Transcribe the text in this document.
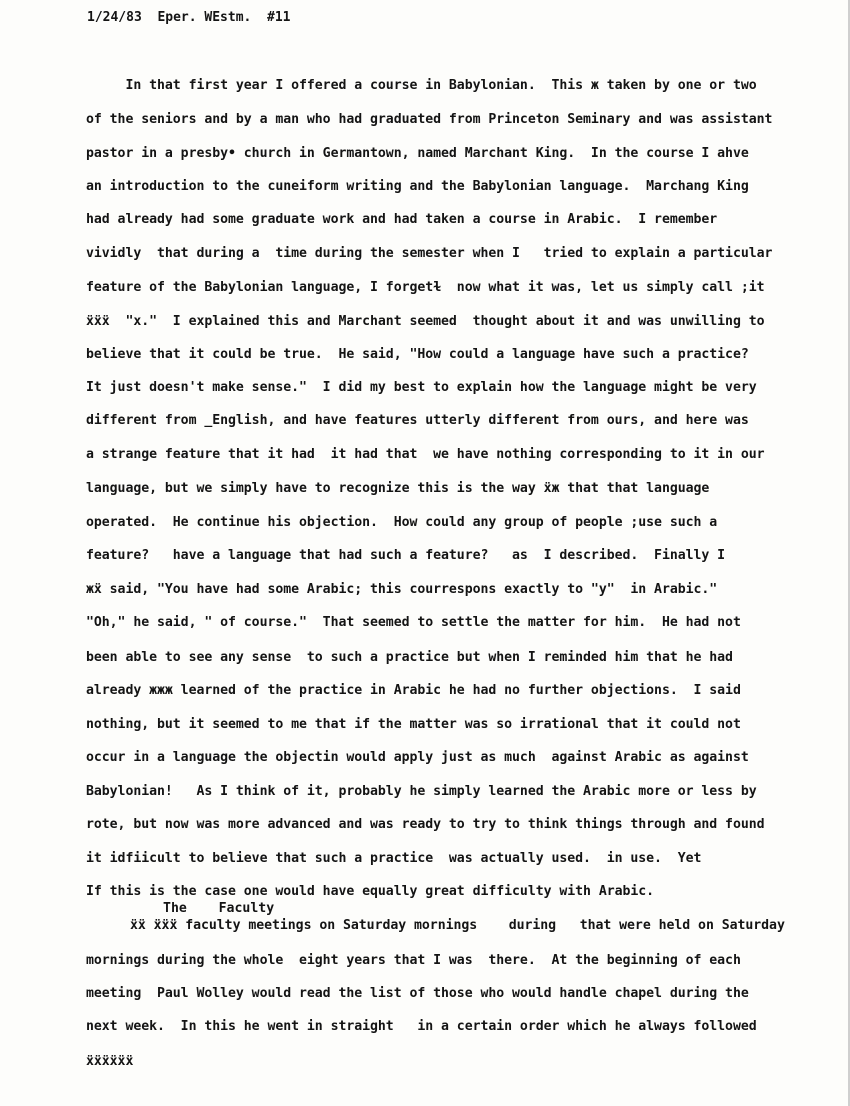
1/24/83  Eper. WEstm.  #11
In that first year I offered a course in Babylonian.  This ж taken by one or two
of the seniors and by a man who had graduated from Princeton Seminary and was assistant
pastor in a presby• church in Germantown, named Marchant King.  In the course I ahve
an introduction to the cuneiform writing and the Babylonian language.  Marchang King
had already had some graduate work and had taken a course in Arabic.  I remember
vividly  that during a  time during the semester when I   tried to explain a particular
feature of the Babylonian language, I forgetɫ  now what it was, let us simply call ;it
ẍẍẍ  "x."  I explained this and Marchant seemed  thought about it and was unwilling to
believe that it could be true.  He said, "How could a language have such a practice?
It just doesn't make sense."  I did my best to explain how the language might be very
different from _English, and have features utterly different from ours, and here was
a strange feature that it had  it had that  we have nothing corresponding to it in our
language, but we simply have to recognize this is the way ẍж that that language
operated.  He continue his objection.  How could any group of people ;use such a
feature?   have a language that had such a feature?   as  I described.  Finally I
жẍ said, "You have had some Arabic; this courrespons exactly to "y"  in Arabic."
"Oh," he said, " of course."  That seemed to settle the matter for him.  He had not
been able to see any sense  to such a practice but when I reminded him that he had
already жжж learned of the practice in Arabic he had no further objections.  I said
nothing, but it seemed to me that if the matter was so irrational that it could not
occur in a language the objectin would apply just as much  against Arabic as against
Babylonian!   As I think of it, probably he simply learned the Arabic more or less by
rote, but now was more advanced and was ready to try to think things through and found
it idfiicult to believe that such a practice  was actually used.  in use.  Yet
If this is the case one would have equally great difficulty with Arabic.
The    Faculty
ẍẍ ẍẍẍ faculty meetings on Saturday mornings    during   that were held on Saturday
mornings during the whole  eight years that I was  there.  At the beginning of each
meeting  Paul Wolley would read the list of those who would handle chapel during the
next week.  In this he went in straight   in a certain order which he always followed
ẍẍẍẍẍẍ
